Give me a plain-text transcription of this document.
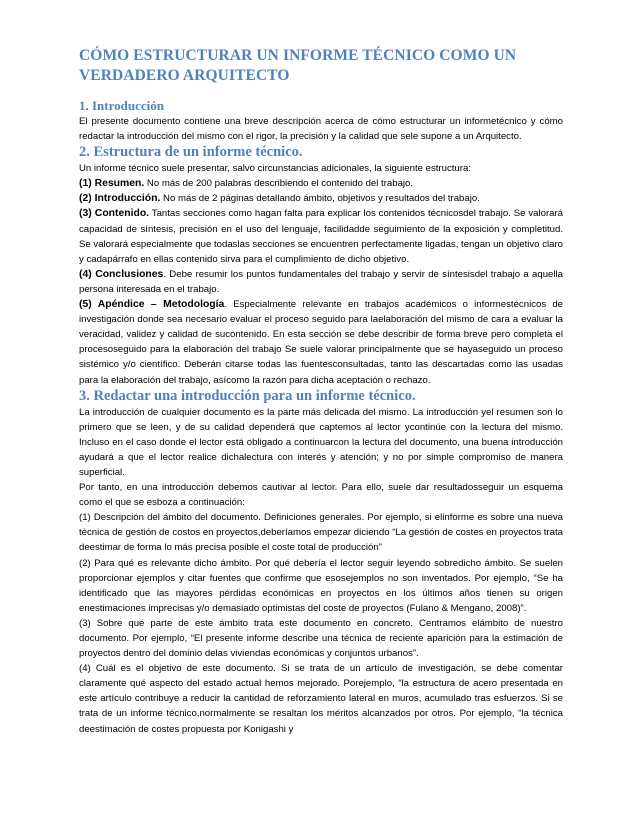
CÓMO ESTRUCTURAR UN INFORME TÉCNICO COMO UN VERDADERO ARQUITECTO
1. Introducción

El presente documento contiene una breve descripción acerca de cómo estructurar un informetécnico y cómo redactar la introducción del mismo con el rigor, la precisión y la calidad que sele supone a un Arquitecto.

2. Estructura de un informe técnico.

Un informe técnico suele presentar, salvo circunstancias adicionales, la siguiente estructura:

(1) Resumen. No más de 200 palabras describiendo el contenido del trabajo.

(2) Introducción. No más de 2 páginas detallando ámbito, objetivos y resultados del trabajo.

(3) Contenido. Tantas secciones como hagan falta para explicar los contenidos técnicosdel trabajo. Se valorará capacidad de síntesis, precisión en el uso del lenguaje, facilidadde seguimiento de la exposición y completitud. Se valorará especialmente que todaslas secciones se encuentren perfectamente ligadas, tengan un objetivo claro y cadapárrafo en ellas contenido sirva para el cumplimiento de dicho objetivo.

(4) Conclusiones. Debe resumir los puntos fundamentales del trabajo y servir de síntesisdel trabajo a aquella persona interesada en el trabajo.

(5) Apéndice – Metodología. Especialmente relevante en trabajos académicos o informestécnicos de investigación donde sea necesario evaluar el proceso seguido para laelaboración del mismo de cara a evaluar la veracidad, validez y calidad de sucontenido. En esta sección se debe describir de forma breve pero completa el procesoseguido para la elaboración del trabajo Se suele valorar principalmente que se hayaseguido un proceso sistémico y/o científico. Deberán citarse todas las fuentesconsultadas, tanto las descartadas como las usadas para la elaboración del trabajo, asícomo la razón para dicha aceptación o rechazo.

3. Redactar una introducción para un informe técnico.

La introducción de cualquier documento es la parte más delicada del mismo. La introducción yel resumen son lo primero que se leen, y de su calidad dependerá que captemos al lector ycontinúe con la lectura del mismo. Incluso en el caso donde el lector está obligado a continuarcon la lectura del documento, una buena introducción ayudará a que el lector realice dichalectura con interés y atención; y no por simple compromiso de manera superficial.

Por tanto, en una introducción debemos cautivar al lector. Para ello, suele dar resultadosseguir un esquema como el que se esboza a continuación:

(1) Descripción del ámbito del documento. Definiciones generales. Por ejemplo, si elinforme es sobre una nueva técnica de gestión de costos en proyectos,deberíamos empezar diciendo “La gestión de costes en proyectos trata deestimar de forma lo más precisa posible el coste total de producción”

(2) Para qué es relevante dicho ámbito. Por qué debería el lector seguir leyendo sobredicho ámbito. Se suelen proporcionar ejemplos y citar fuentes que confirme que esosejemplos no son inventados. Por ejemplo, “Se ha identificado que las mayores pérdidas económicas en proyectos en los últimos años tienen su origen enestimaciones imprecisas y/o demasiado optimistas del coste de proyectos (Fulano & Mengano, 2008)”.

(3) Sobre qué parte de este ámbito trata este documento en concreto. Centramos elámbito de nuestro documento. Por ejemplo, “El presente informe describe una técnica de reciente aparición para la estimación de proyectos dentro del dominio delas viviendas económicas y conjuntos urbanos”.

(4) Cuál es el objetivo de este documento. Si se trata de un artículo de investigación, se debe comentar claramente qué aspecto del estado actual hemos mejorado. Porejemplo, “la estructura de acero presentada en este artículo contribuye a reducir la cantidad de reforzamiento lateral en muros, acumulado tras esfuerzos. Si se trata de un informe técnico,normalmente se resaltan los méritos alcanzados por otros. Por ejemplo, “la técnica deestimación de costes propuesta por Konigashi y
